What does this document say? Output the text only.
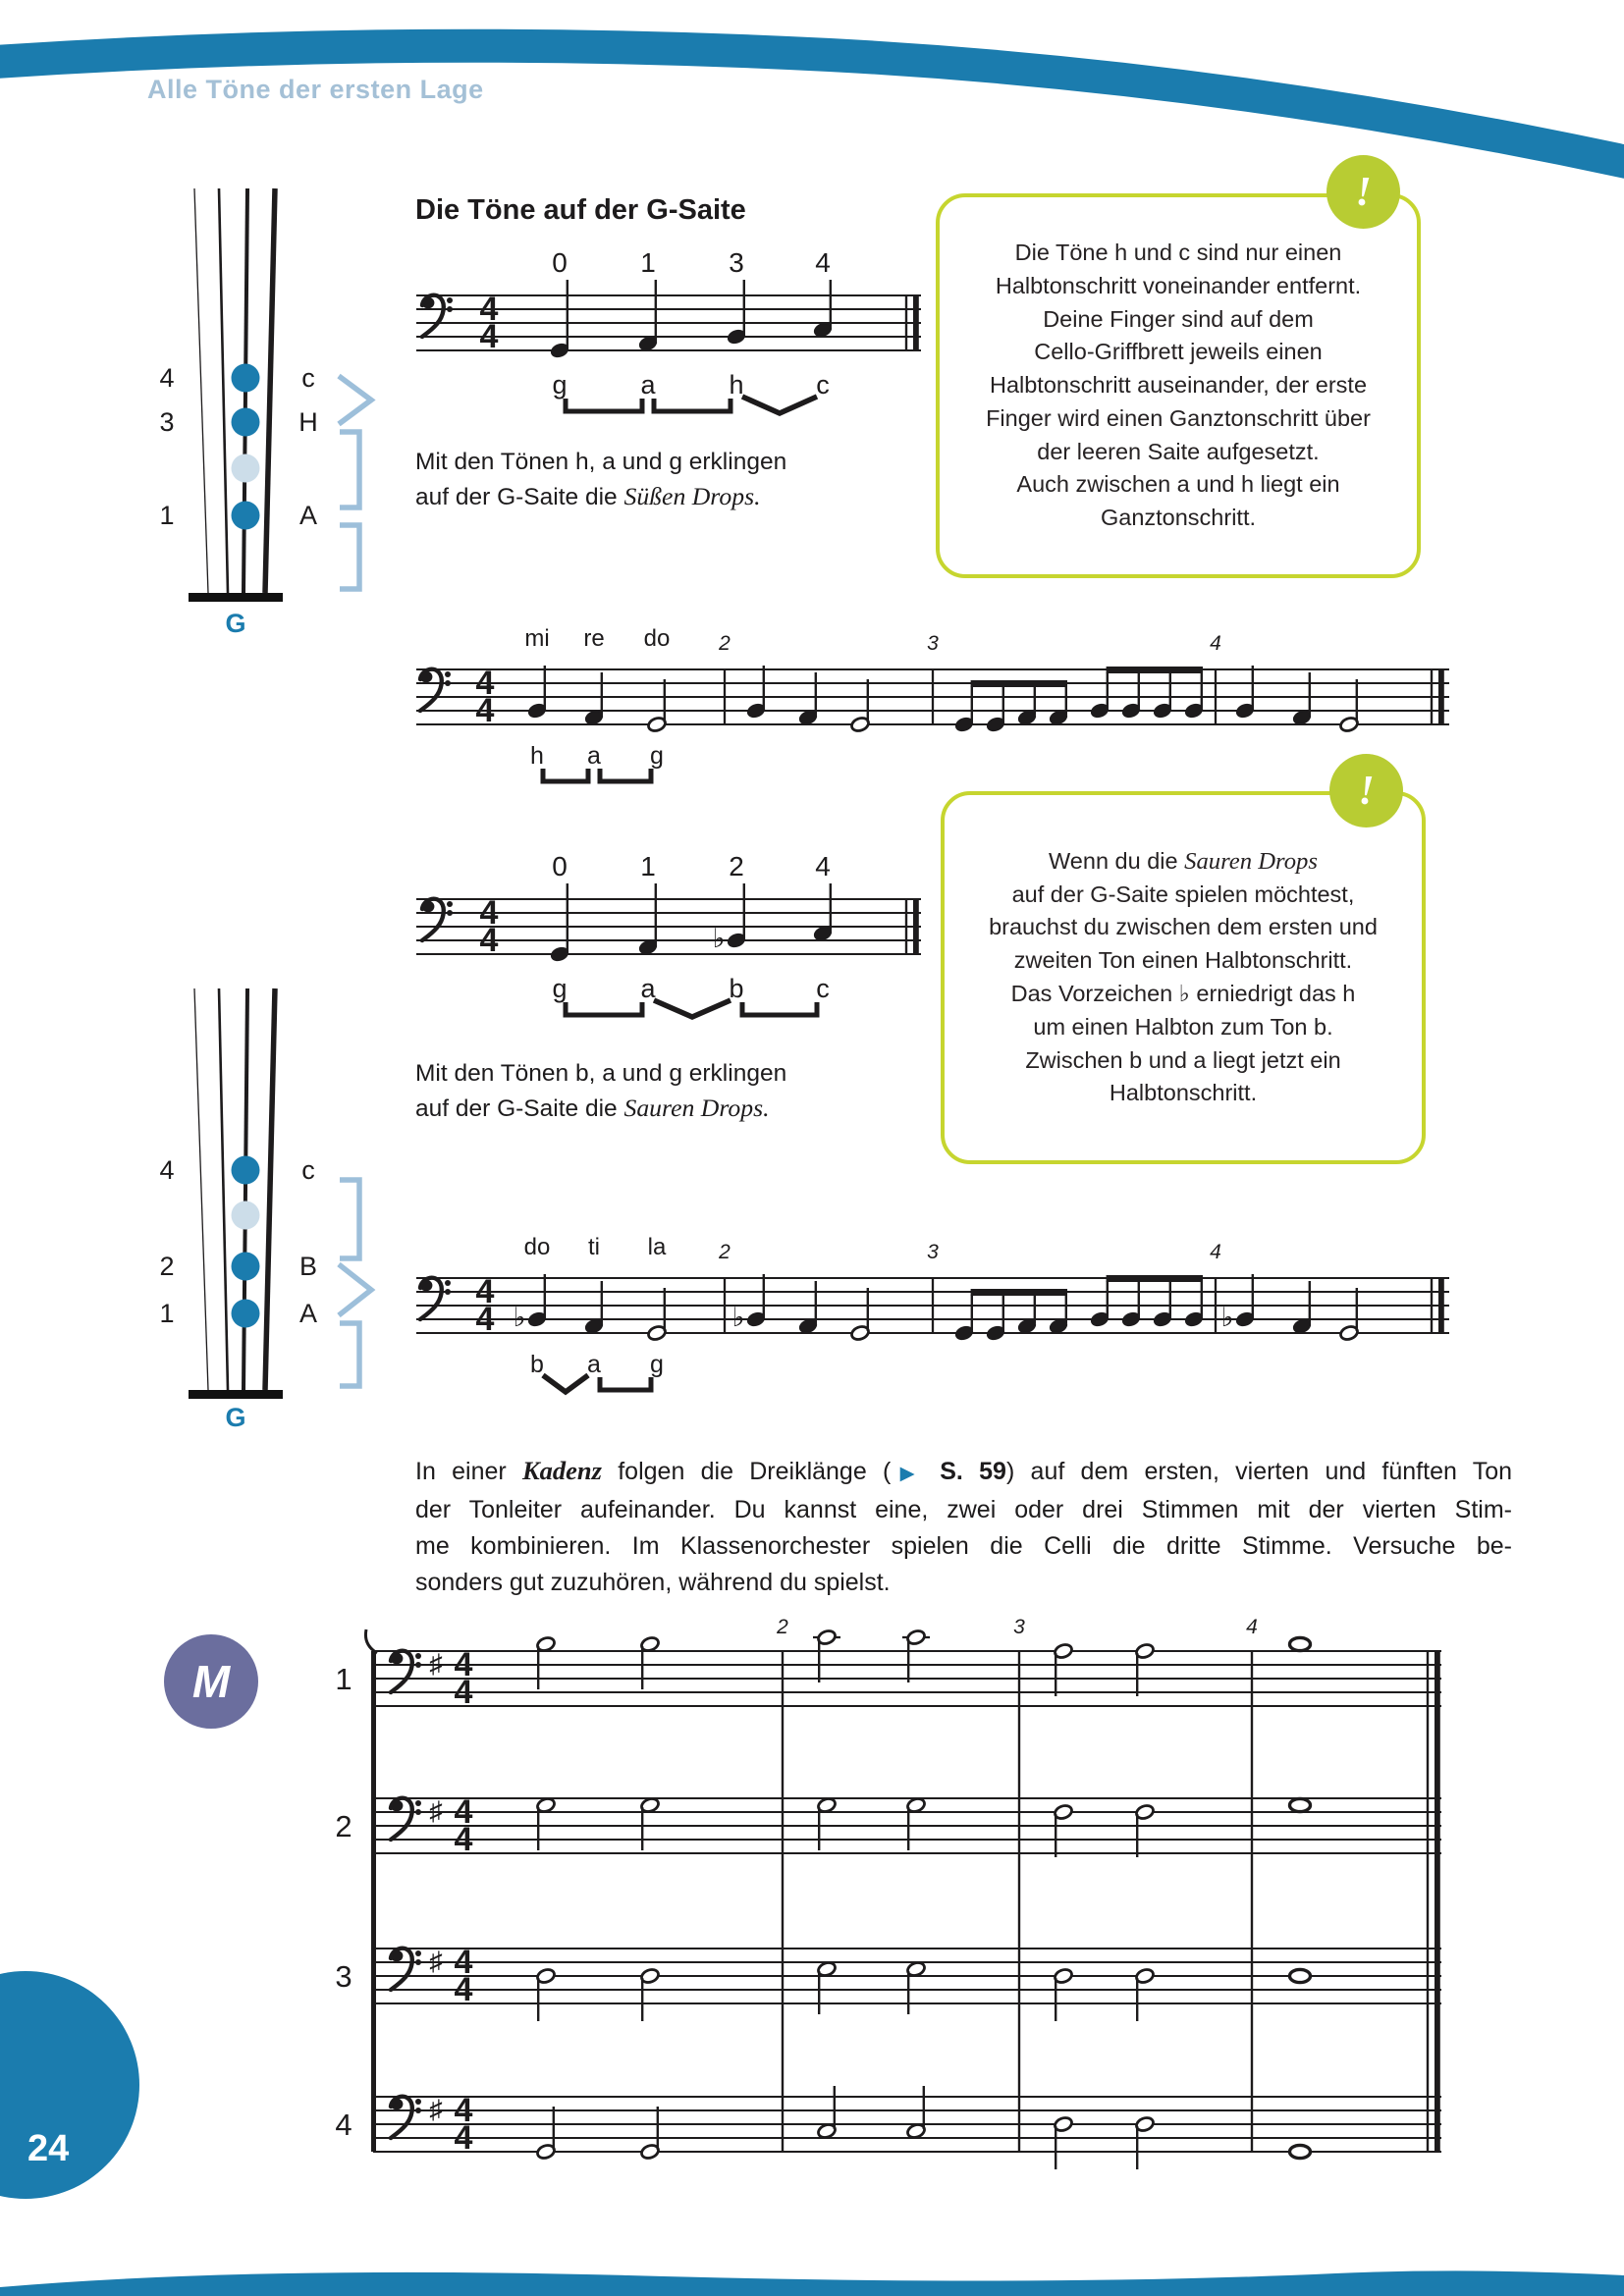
Alle Töne der ersten Lage
4	c
3	H
1	A
G
4	c
2	B
1	A
G
Die Töne auf der G-Saite
4
4
0
g
1
a
3
h
4
c
Mit den Tönen h, a und g erklingen
auf der G-Saite die Süßen Drops.
Die Töne h und c sind nur einen
Halbtonschritt voneinander entfernt.
Deine Finger sind auf dem
Cello-Griffbrett jeweils einen
Halbtonschritt auseinander, der erste
Finger wird einen Ganztonschritt über
der leeren Saite aufgesetzt.
Auch zwischen a und h liegt ein
Ganztonschritt.
!
4
4
2	3	4
mi re do
h a g
Wenn du die Sauren Drops
auf der G-Saite spielen möchtest,
brauchst du zwischen dem ersten und
zweiten Ton einen Halbtonschritt.
Das Vorzeichen ♭ erniedrigt das h
um einen Halbton zum Ton b.
Zwischen b und a liegt jetzt ein
Halbtonschritt.
!
4
4
0
g
1
a
2
♭
b
4
c
Mit den Tönen b, a und g erklingen
auf der G-Saite die Sauren Drops.
4
4
2	3	4
♭	♭	♭
do ti la
b a g
In einer Kadenz folgen die Dreiklänge (▶ S. 59) auf dem ersten, vierten und fünften Ton
der Tonleiter aufeinander. Du kannst eine, zwei oder drei Stimmen mit der vierten Stim-
me kombinieren. Im Klassenorchester spielen die Celli die dritte Stimme. Versuche be-
sonders gut zuzuhören, während du spielst.
M	♯ 4
4
1
♯ 4
4
2
♯ 4
4
3
♯ 4
4
4
2	3	4
24
